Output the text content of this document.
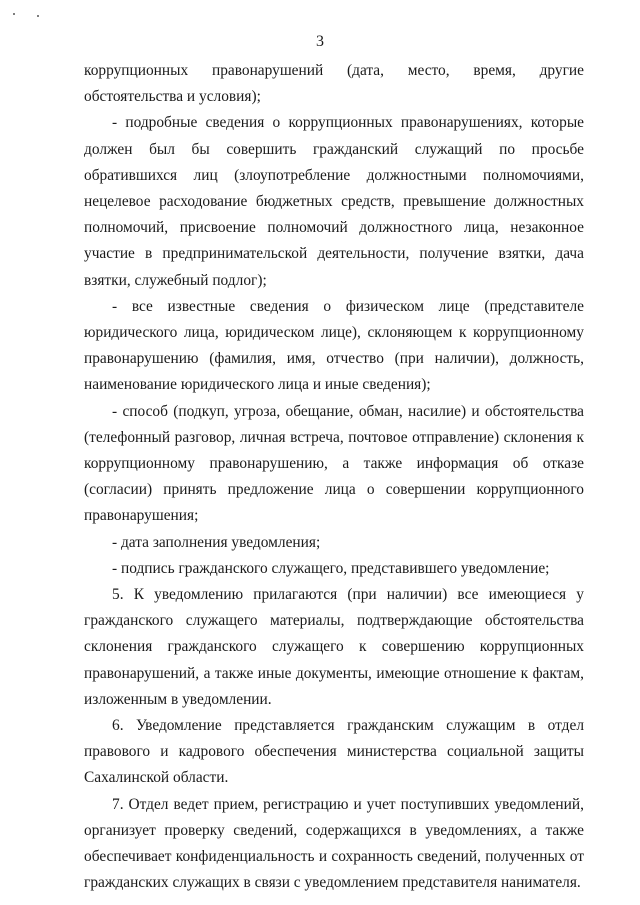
3

коррупционных правонарушений (дата, место, время, другие обстоятельства и условия);

- подробные сведения о коррупционных правонарушениях, которые должен был бы совершить гражданский служащий по просьбе обратившихся лиц (злоупотребление должностными полномочиями, нецелевое расходование бюджетных средств, превышение должностных полномочий, присвоение полномочий должностного лица, незаконное участие в предпринимательской деятельности, получение взятки, дача взятки, служебный подлог);

- все известные сведения о физическом лице (представителе юридического лица, юридическом лице), склоняющем к коррупционному правонарушению (фамилия, имя, отчество (при наличии), должность, наименование юридического лица и иные сведения);

- способ (подкуп, угроза, обещание, обман, насилие) и обстоятельства (телефонный разговор, личная встреча, почтовое отправление) склонения к коррупционному правонарушению, а также информация об отказе (согласии) принять предложение лица о совершении коррупционного правонарушения;

- дата заполнения уведомления;

- подпись гражданского служащего, представившего уведомление;

5. К уведомлению прилагаются (при наличии) все имеющиеся у гражданского служащего материалы, подтверждающие обстоятельства склонения гражданского служащего к совершению коррупционных правонарушений, а также иные документы, имеющие отношение к фактам, изложенным в уведомлении.

6. Уведомление представляется гражданским служащим в отдел правового и кадрового обеспечения министерства социальной защиты Сахалинской области.

7. Отдел ведет прием, регистрацию и учет поступивших уведомлений, организует проверку сведений, содержащихся в уведомлениях, а также обеспечивает конфиденциальность и сохранность сведений, полученных от гражданских служащих в связи с уведомлением представителя нанимателя.
